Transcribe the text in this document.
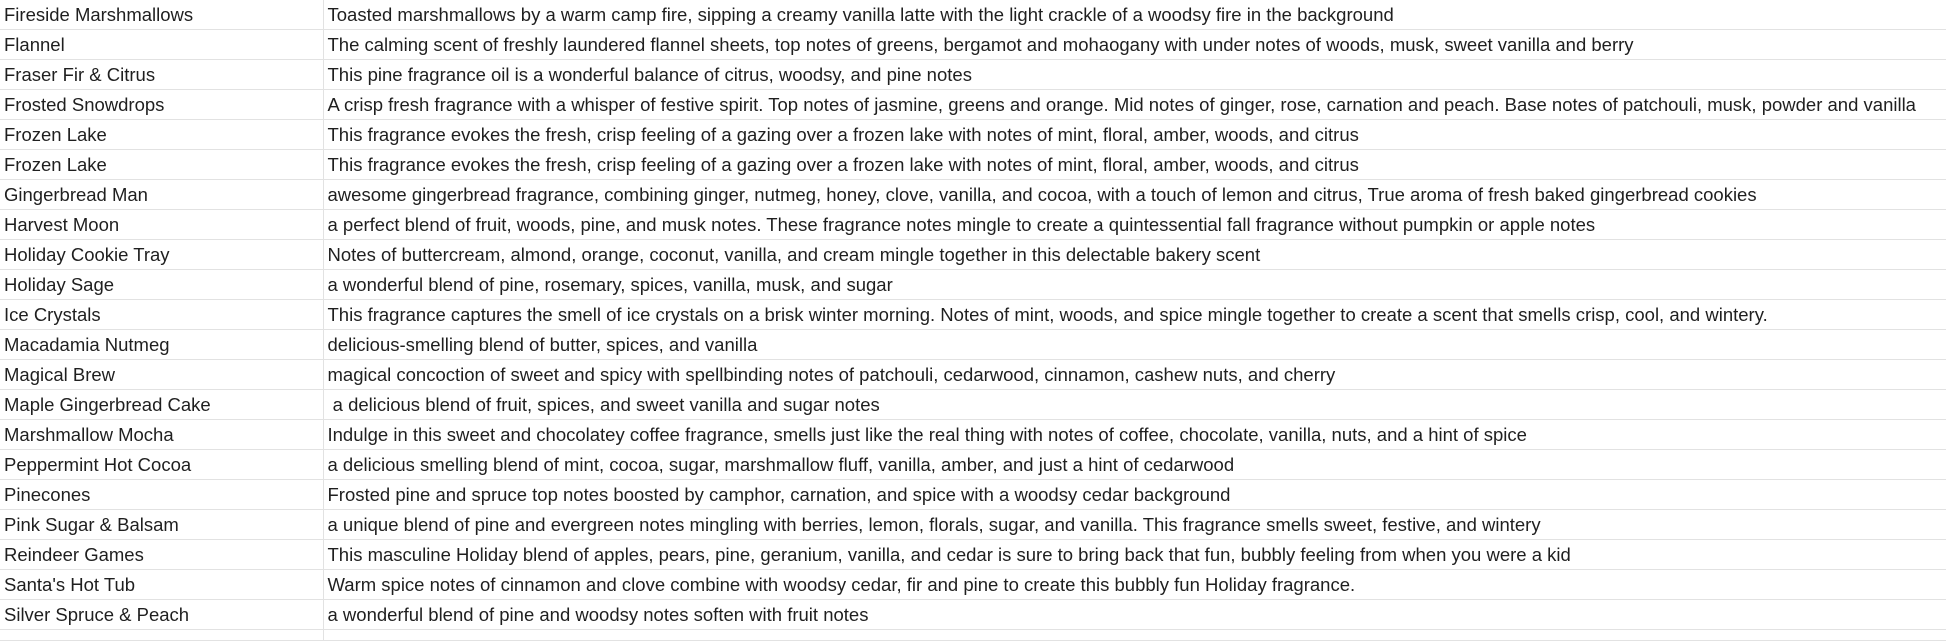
Fireside Marshmallows	Toasted marshmallows by a warm camp fire, sipping a creamy vanilla latte with the light crackle of a woodsy fire in the background
Flannel	The calming scent of freshly laundered flannel sheets, top notes of greens, bergamot and mohaogany with under notes of woods, musk, sweet vanilla and berry
Fraser Fir & Citrus	This pine fragrance oil is a wonderful balance of citrus, woodsy, and pine notes
Frosted Snowdrops	A crisp fresh fragrance with a whisper of festive spirit. Top notes of jasmine, greens and orange. Mid notes of ginger, rose, carnation and peach. Base notes of patchouli, musk, powder and vanilla
Frozen Lake	This fragrance evokes the fresh, crisp feeling of a gazing over a frozen lake with notes of mint, floral, amber, woods, and citrus
Frozen Lake	This fragrance evokes the fresh, crisp feeling of a gazing over a frozen lake with notes of mint, floral, amber, woods, and citrus
Gingerbread Man	awesome gingerbread fragrance, combining ginger, nutmeg, honey, clove, vanilla, and cocoa, with a touch of lemon and citrus, True aroma of fresh baked gingerbread cookies
Harvest Moon	a perfect blend of fruit, woods, pine, and musk notes. These fragrance notes mingle to create a quintessential fall fragrance without pumpkin or apple notes
Holiday Cookie Tray	Notes of buttercream, almond, orange, coconut, vanilla, and cream mingle together in this delectable bakery scent
Holiday Sage	a wonderful blend of pine, rosemary, spices, vanilla, musk, and sugar
Ice Crystals	This fragrance captures the smell of ice crystals on a brisk winter morning. Notes of mint, woods, and spice mingle together to create a scent that smells crisp, cool, and wintery.
Macadamia Nutmeg	delicious-smelling blend of butter, spices, and vanilla
Magical Brew	magical concoction of sweet and spicy with spellbinding notes of patchouli, cedarwood, cinnamon, cashew nuts, and cherry
Maple Gingerbread Cake	a delicious blend of fruit, spices, and sweet vanilla and sugar notes
Marshmallow Mocha	Indulge in this sweet and chocolatey coffee fragrance, smells just like the real thing with notes of coffee, chocolate, vanilla, nuts, and a hint of spice
Peppermint Hot Cocoa	a delicious smelling blend of mint, cocoa, sugar, marshmallow fluff, vanilla, amber, and just a hint of cedarwood
Pinecones	Frosted pine and spruce top notes boosted by camphor, carnation, and spice with a woodsy cedar background
Pink Sugar & Balsam	a unique blend of pine and evergreen notes mingling with berries, lemon, florals, sugar, and vanilla. This fragrance smells sweet, festive, and wintery
Reindeer Games	This masculine Holiday blend of apples, pears, pine, geranium, vanilla, and cedar is sure to bring back that fun, bubbly feeling from when you were a kid
Santa's Hot Tub	Warm spice notes of cinnamon and clove combine with woodsy cedar, fir and pine to create this bubbly fun Holiday fragrance.
Silver Spruce & Peach	a wonderful blend of pine and woodsy notes soften with fruit notes
